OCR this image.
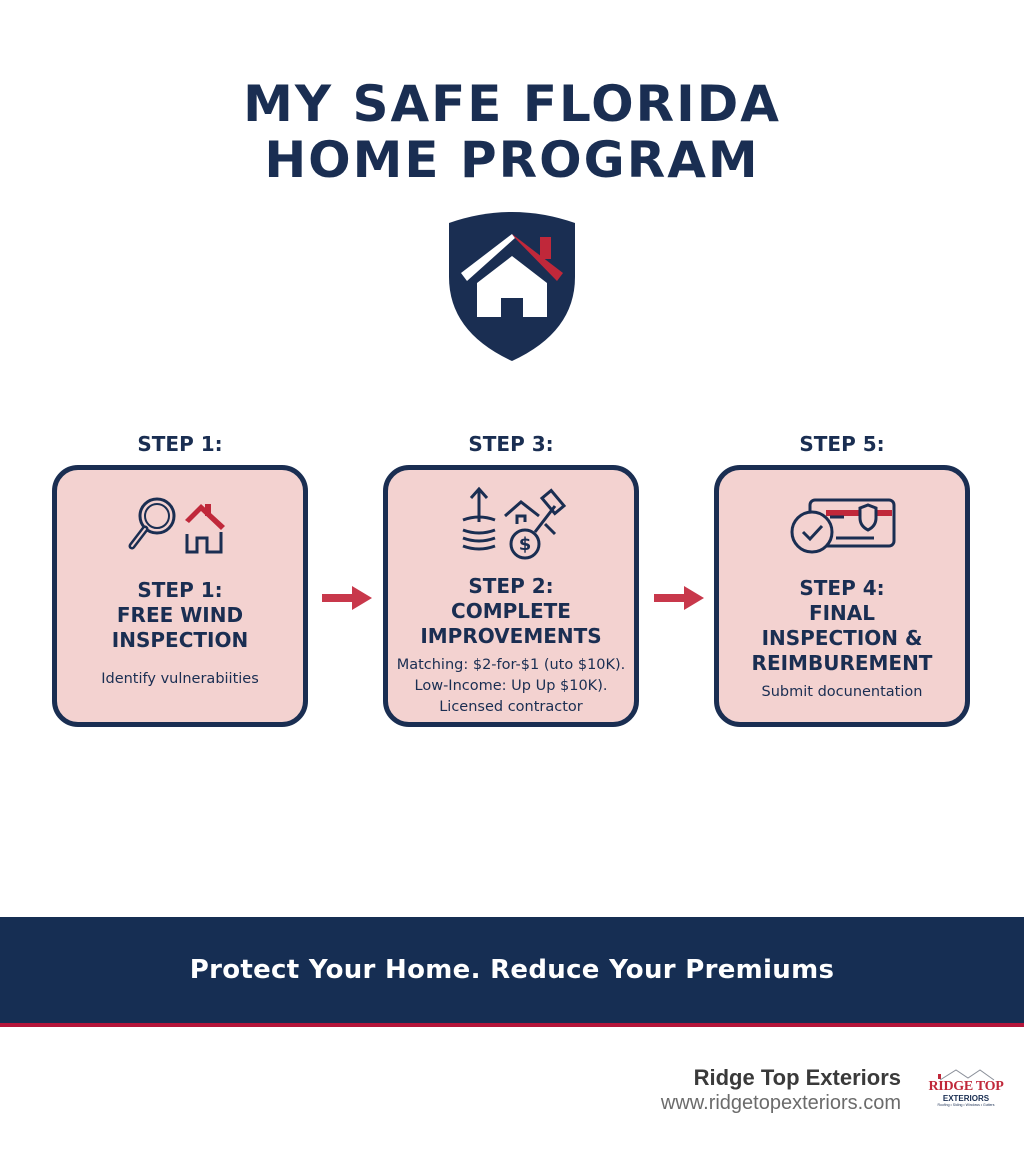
MY SAFE FLORIDA
HOME PROGRAM
STEP 1:	STEP 3:	STEP 5:
STEP 1:
FREE WIND
INSPECTION
Identify vulnerabiities
$
STEP 2:
COMPLETE
IMPROVEMENTS
Matching: $2-for-$1 (uto $10K).
Low-Income: Up Up $10K).
Licensed contractor
STEP 4:
FINAL
INSPECTION &
REIMBUREMENT
Submit docunentation
Protect Your Home. Reduce Your Premiums
Ridge Top Exteriors
www.ridgetopexteriors.com
RIDGE TOP
EXTERIORS
Roofing • Siding • Windows • Gutters
